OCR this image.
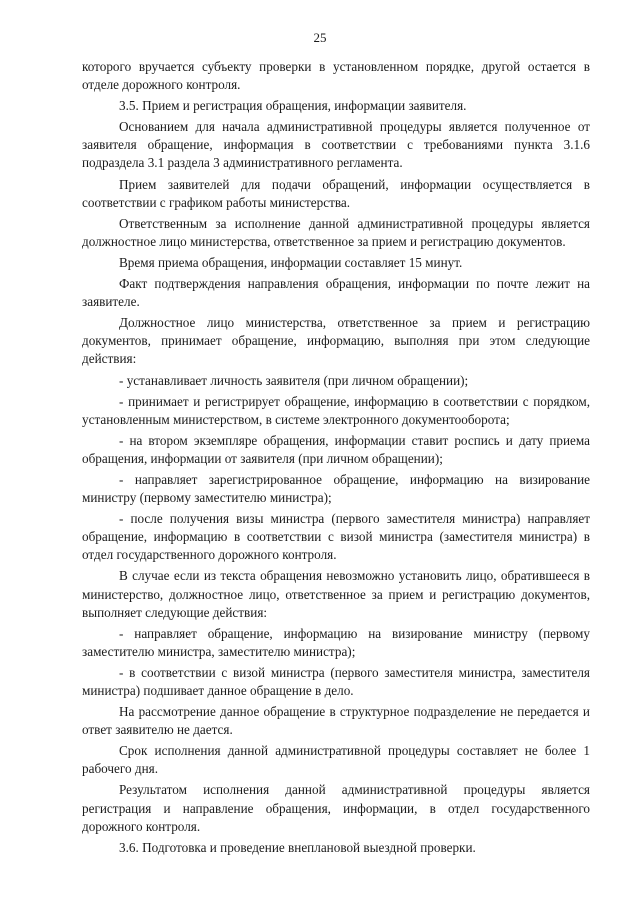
25

которого вручается субъекту проверки в установленном порядке, другой остается в отделе дорожного контроля.

3.5. Прием и регистрация обращения, информации заявителя.

Основанием для начала административной процедуры является полученное от заявителя обращение, информация в соответствии с требованиями пункта 3.1.6 подраздела 3.1 раздела 3 административного регламента.

Прием заявителей для подачи обращений, информации осуществляется в соответствии с графиком работы министерства.

Ответственным за исполнение данной административной процедуры является должностное лицо министерства, ответственное за прием и регистрацию документов.

Время приема обращения, информации составляет 15 минут.

Факт подтверждения направления обращения, информации по почте лежит на заявителе.

Должностное лицо министерства, ответственное за прием и регистрацию документов, принимает обращение, информацию, выполняя при этом следующие действия:

- устанавливает личность заявителя (при личном обращении);

- принимает и регистрирует обращение, информацию в соответствии с порядком, установленным министерством, в системе электронного документооборота;

- на втором экземпляре обращения, информации ставит роспись и дату приема обращения, информации от заявителя (при личном обращении);

- направляет зарегистрированное обращение, информацию на визирование министру (первому заместителю министра);

- после получения визы министра (первого заместителя министра) направляет обращение, информацию в соответствии с визой министра (заместителя министра) в отдел государственного дорожного контроля.

В случае если из текста обращения невозможно установить лицо, обратившееся в министерство, должностное лицо, ответственное за прием и регистрацию документов, выполняет следующие действия:

- направляет обращение, информацию на визирование министру (первому заместителю министра, заместителю министра);

- в соответствии с визой министра (первого заместителя министра, заместителя министра) подшивает данное обращение в дело.

На рассмотрение данное обращение в структурное подразделение не передается и ответ заявителю не дается.

Срок исполнения данной административной процедуры составляет не более 1 рабочего дня.

Результатом исполнения данной административной процедуры является регистрация и направление обращения, информации, в отдел государственного дорожного контроля.

3.6. Подготовка и проведение внеплановой выездной проверки.
